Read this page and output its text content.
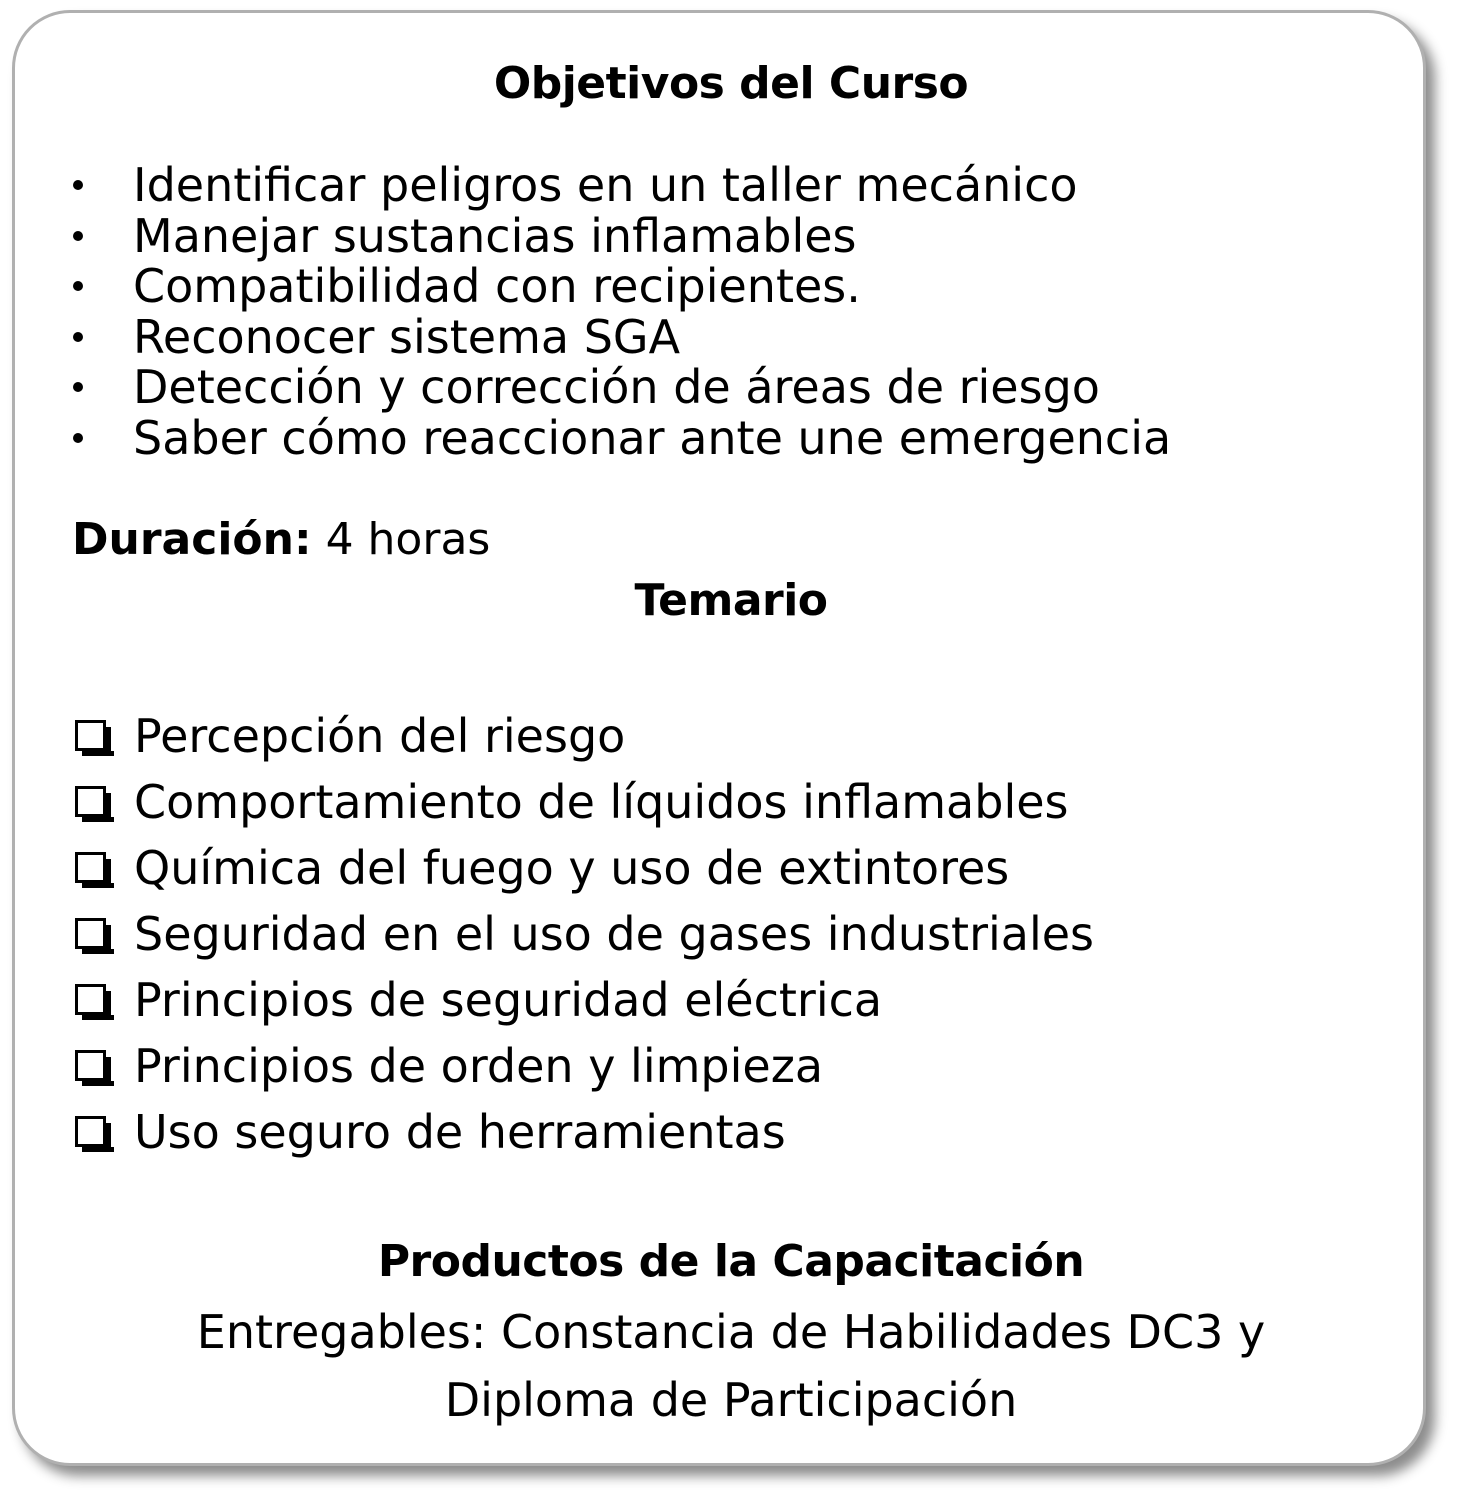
Objetivos del Curso
Identificar peligros en un taller mecánico
Manejar sustancias inflamables
Compatibilidad con recipientes.
Reconocer sistema SGA
Detección y corrección de áreas de riesgo
Saber cómo reaccionar ante une emergencia
Duración: 4 horas
Temario
Percepción del riesgo
Comportamiento de líquidos inflamables
Química del fuego y uso de extintores
Seguridad en el uso de gases industriales
Principios de seguridad eléctrica
Principios de orden y limpieza
Uso seguro de herramientas
Productos de la Capacitación
Entregables: Constancia de Habilidades DC3 y
Diploma de Participación
